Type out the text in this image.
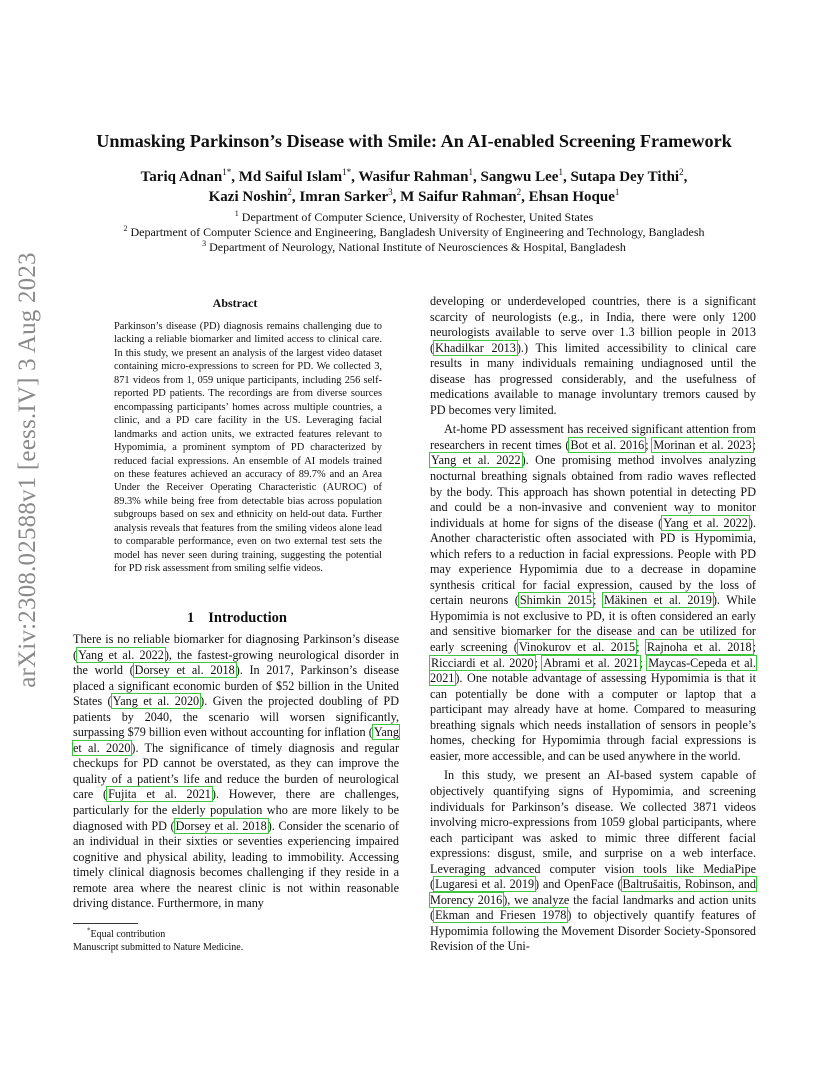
arXiv:2308.02588v1 [eess.IV] 3 Aug 2023
Unmasking Parkinson’s Disease with Smile: An AI-enabled Screening Framework
Tariq Adnan$^{1*}$, Md Saiful Islam$^{1*}$, Wasifur Rahman$^1$, Sangwu Lee$^1$, Sutapa Dey Tithi$^2$,
Kazi Noshin$^2$, Imran Sarker$^3$, M Saifur Rahman$^2$, Ehsan Hoque$^1$
$^1$ Department of Computer Science, University of Rochester, United States
$^2$ Department of Computer Science and Engineering, Bangladesh University of Engineering and Technology, Bangladesh
$^3$ Department of Neurology, National Institute of Neurosciences & Hospital, Bangladesh
Abstract

Parkinson’s disease (PD) diagnosis remains challenging due to lacking a reliable biomarker and limited access to clinical care. In this study, we present an analysis of the largest video dataset containing micro-expressions to screen for PD. We collected 3, 871 videos from 1, 059 unique participants, including 256 self-reported PD patients. The recordings are from diverse sources encompassing participants’ homes across multiple countries, a clinic, and a PD care facility in the US. Leveraging facial landmarks and action units, we extracted features relevant to Hypomimia, a prominent symptom of PD characterized by reduced facial expressions. An ensemble of AI models trained on these features achieved an accuracy of 89.7% and an Area Under the Receiver Operating Characteristic (AUROC) of 89.3% while being free from detectable bias across population subgroups based on sex and ethnicity on held-out data. Further analysis reveals that features from the smiling videos alone lead to comparable performance, even on two external test sets the model has never seen during training, suggesting the potential for PD risk assessment from smiling selfie videos.

1 Introduction

There is no reliable biomarker for diagnosing Parkinson’s disease (Yang et al. 2022), the fastest-growing neurological disorder in the world (Dorsey et al. 2018). In 2017, Parkinson’s disease placed a significant economic burden of $52 billion in the United States (Yang et al. 2020). Given the projected doubling of PD patients by 2040, the scenario will worsen significantly, surpassing $79 billion even without accounting for inflation (Yang et al. 2020). The significance of timely diagnosis and regular checkups for PD cannot be overstated, as they can improve the quality of a patient’s life and reduce the burden of neurological care (Fujita et al. 2021). However, there are challenges, particularly for the elderly population who are more likely to be diagnosed with PD (Dorsey et al. 2018). Consider the scenario of an individual in their sixties or seventies experiencing impaired cognitive and physical ability, leading to immobility. Accessing timely clinical diagnosis becomes challenging if they reside in a remote area where the nearest clinic is not within reasonable driving distance. Furthermore, in many

developing or underdeveloped countries, there is a significant scarcity of neurologists (e.g., in India, there were only 1200 neurologists available to serve over 1.3 billion people in 2013 (Khadilkar 2013).) This limited accessibility to clinical care results in many individuals remaining undiagnosed until the disease has progressed considerably, and the usefulness of medications available to manage involuntary tremors caused by PD becomes very limited.

At-home PD assessment has received significant attention from researchers in recent times (Bot et al. 2016; Morinan et al. 2023; Yang et al. 2022). One promising method involves analyzing nocturnal breathing signals obtained from radio waves reflected by the body. This approach has shown potential in detecting PD and could be a non-invasive and convenient way to monitor individuals at home for signs of the disease (Yang et al. 2022). Another characteristic often associated with PD is Hypomimia, which refers to a reduction in facial expressions. People with PD may experience Hypomimia due to a decrease in dopamine synthesis critical for facial expression, caused by the loss of certain neurons (Shimkin 2015; Mäkinen et al. 2019). While Hypomimia is not exclusive to PD, it is often considered an early and sensitive biomarker for the disease and can be utilized for early screening (Vinokurov et al. 2015; Rajnoha et al. 2018; Ricciardi et al. 2020; Abrami et al. 2021; Maycas-Cepeda et al. 2021). One notable advantage of assessing Hypomimia is that it can potentially be done with a computer or laptop that a participant may already have at home. Compared to measuring breathing signals which needs installation of sensors in people’s homes, checking for Hypomimia through facial expressions is easier, more accessible, and can be used anywhere in the world.

In this study, we present an AI-based system capable of objectively quantifying signs of Hypomimia, and screening individuals for Parkinson’s disease. We collected 3871 videos involving micro-expressions from 1059 global participants, where each participant was asked to mimic three different facial expressions: disgust, smile, and surprise on a web interface. Leveraging advanced computer vision tools like MediaPipe (Lugaresi et al. 2019) and OpenFace (Baltrušaitis, Robinson, and Morency 2016), we analyze the facial landmarks and action units (Ekman and Friesen 1978) to objectively quantify features of Hypomimia following the Movement Disorder Society-Sponsored Revision of the Uni-

*Equal contribution

Manuscript submitted to Nature Medicine.
